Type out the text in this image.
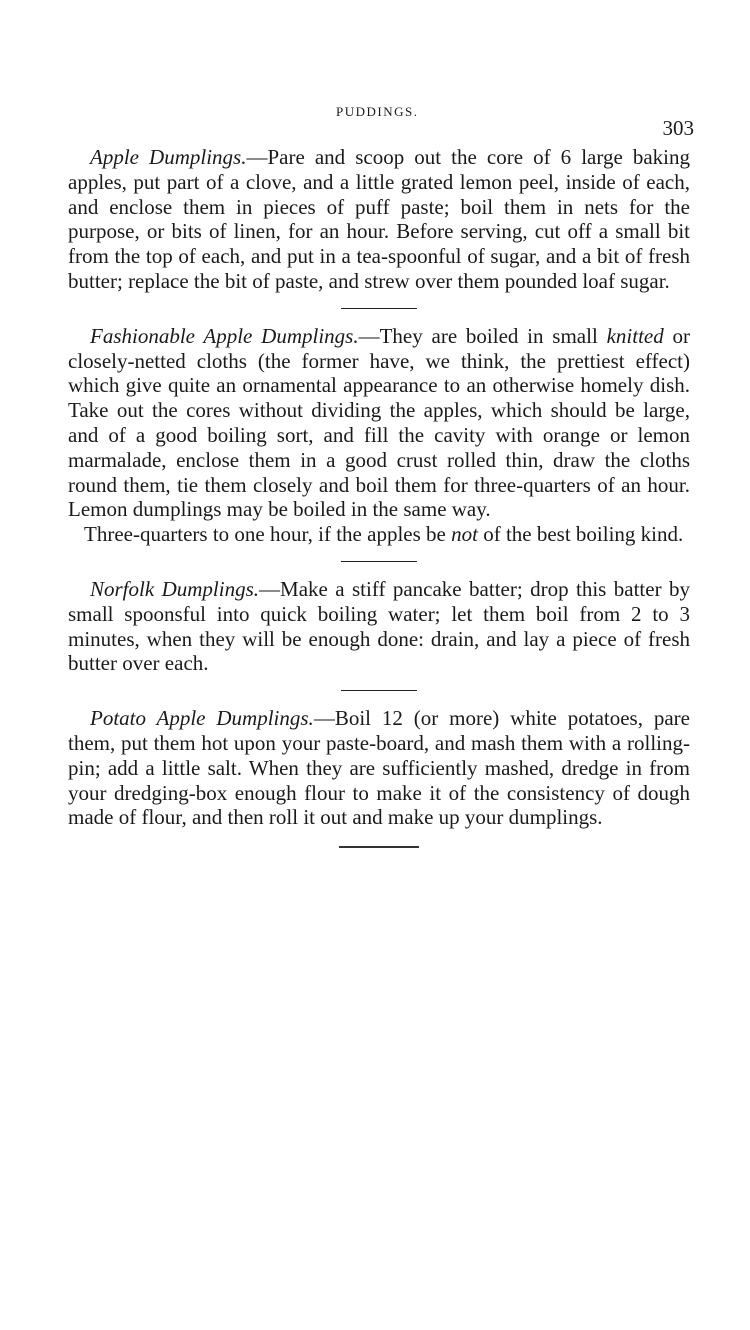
PUDDINGS.
303

Apple Dumplings.—Pare and scoop out the core of 6 large baking apples, put part of a clove, and a little grated lemon peel, inside of each, and enclose them in pieces of puff paste; boil them in nets for the purpose, or bits of linen, for an hour. Before serving, cut off a small bit from the top of each, and put in a tea-spoonful of sugar, and a bit of fresh butter; replace the bit of paste, and strew over them pounded loaf sugar.

Fashionable Apple Dumplings.—They are boiled in small knitted or closely-netted cloths (the former have, we think, the prettiest effect) which give quite an ornamental appearance to an otherwise homely dish. Take out the cores without dividing the apples, which should be large, and of a good boiling sort, and fill the cavity with orange or lemon marmalade, enclose them in a good crust rolled thin, draw the cloths round them, tie them closely and boil them for three-quarters of an hour. Lemon dumplings may be boiled in the same way.

Three-quarters to one hour, if the apples be not of the best boiling kind.

Norfolk Dumplings.—Make a stiff pancake batter; drop this batter by small spoonsful into quick boiling water; let them boil from 2 to 3 minutes, when they will be enough done: drain, and lay a piece of fresh butter over each.

Potato Apple Dumplings.—Boil 12 (or more) white potatoes, pare them, put them hot upon your paste-board, and mash them with a rolling-pin; add a little salt. When they are sufficiently mashed, dredge in from your dredging-box enough flour to make it of the consistency of dough made of flour, and then roll it out and make up your dumplings.
